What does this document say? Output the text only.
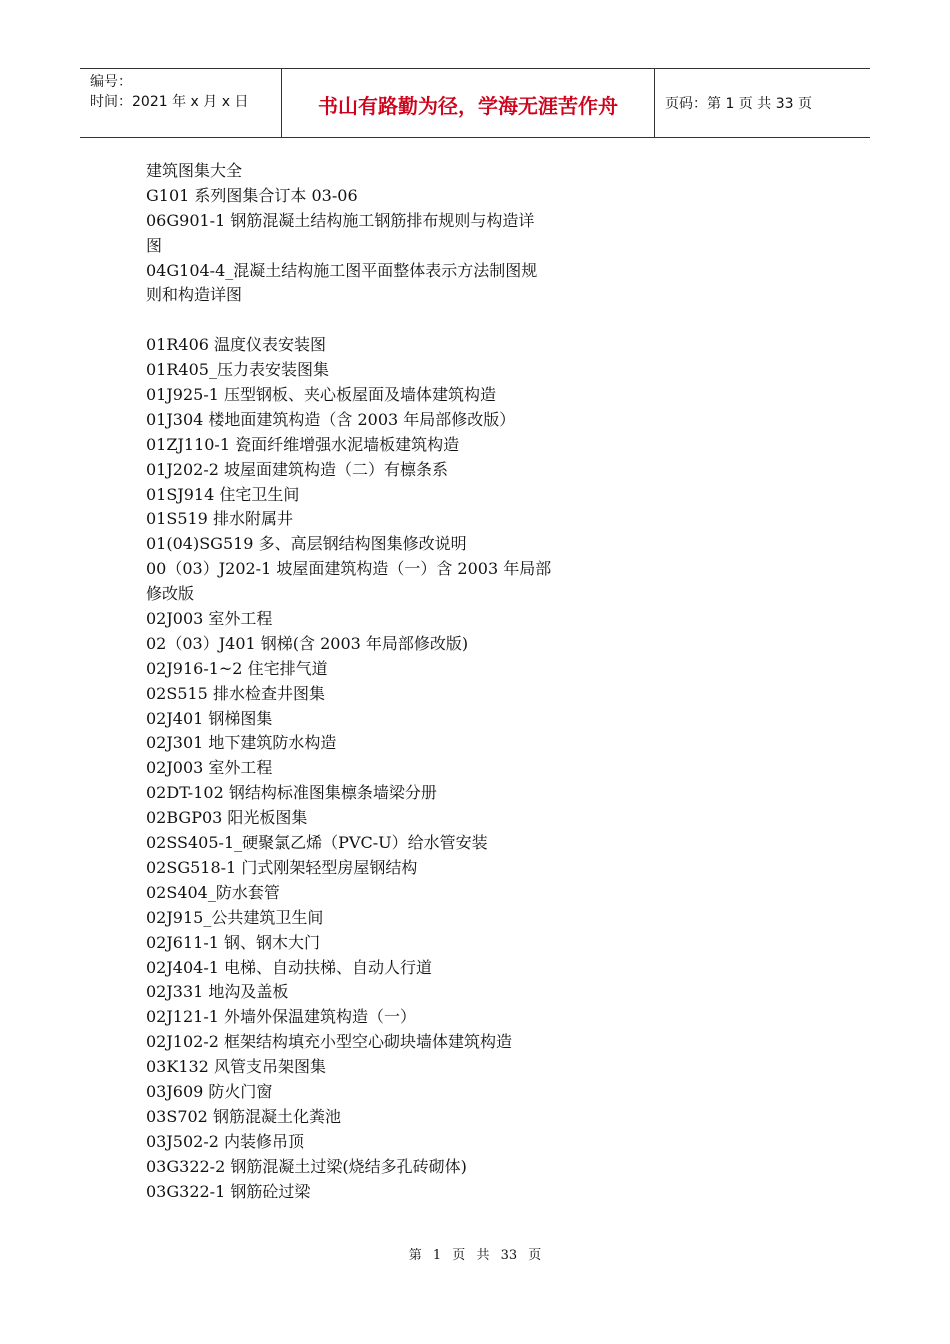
编号：
时间：2021 年 x 月 x 日	书山有路勤为径，学海无涯苦作舟	页码：第 1 页 共 33 页
建筑图集大全
G101 系列图集合订本 03-06
06G901-1 钢筋混凝土结构施工钢筋排布规则与构造详
图
04G104-4_混凝土结构施工图平面整体表示方法制图规
则和构造详图
01R406 温度仪表安装图
01R405_压力表安装图集
01J925-1 压型钢板、夹心板屋面及墙体建筑构造
01J304 楼地面建筑构造（含 2003 年局部修改版）
01ZJ110-1 瓷面纤维增强水泥墙板建筑构造
01J202-2 坡屋面建筑构造（二）有檩条系
01SJ914 住宅卫生间
01S519 排水附属井
01(04)SG519 多、高层钢结构图集修改说明
00（03）J202-1 坡屋面建筑构造（一）含 2003 年局部
修改版
02J003 室外工程
02（03）J401 钢梯(含 2003 年局部修改版)
02J916-1~2 住宅排气道
02S515 排水检查井图集
02J401 钢梯图集
02J301 地下建筑防水构造
02J003 室外工程
02DT-102 钢结构标准图集檩条墙梁分册
02BGP03 阳光板图集
02SS405-1_硬聚氯乙烯（PVC-U）给水管安装
02SG518-1 门式刚架轻型房屋钢结构
02S404_防水套管
02J915_公共建筑卫生间
02J611-1 钢、钢木大门
02J404-1 电梯、自动扶梯、自动人行道
02J331 地沟及盖板
02J121-1 外墙外保温建筑构造（一）
02J102-2 框架结构填充小型空心砌块墙体建筑构造
03K132 风管支吊架图集
03J609 防火门窗
03S702 钢筋混凝土化粪池
03J502-2 内装修吊顶
03G322-2 钢筋混凝土过梁(烧结多孔砖砌体)
03G322-1 钢筋砼过梁
第 1 页 共 33 页
